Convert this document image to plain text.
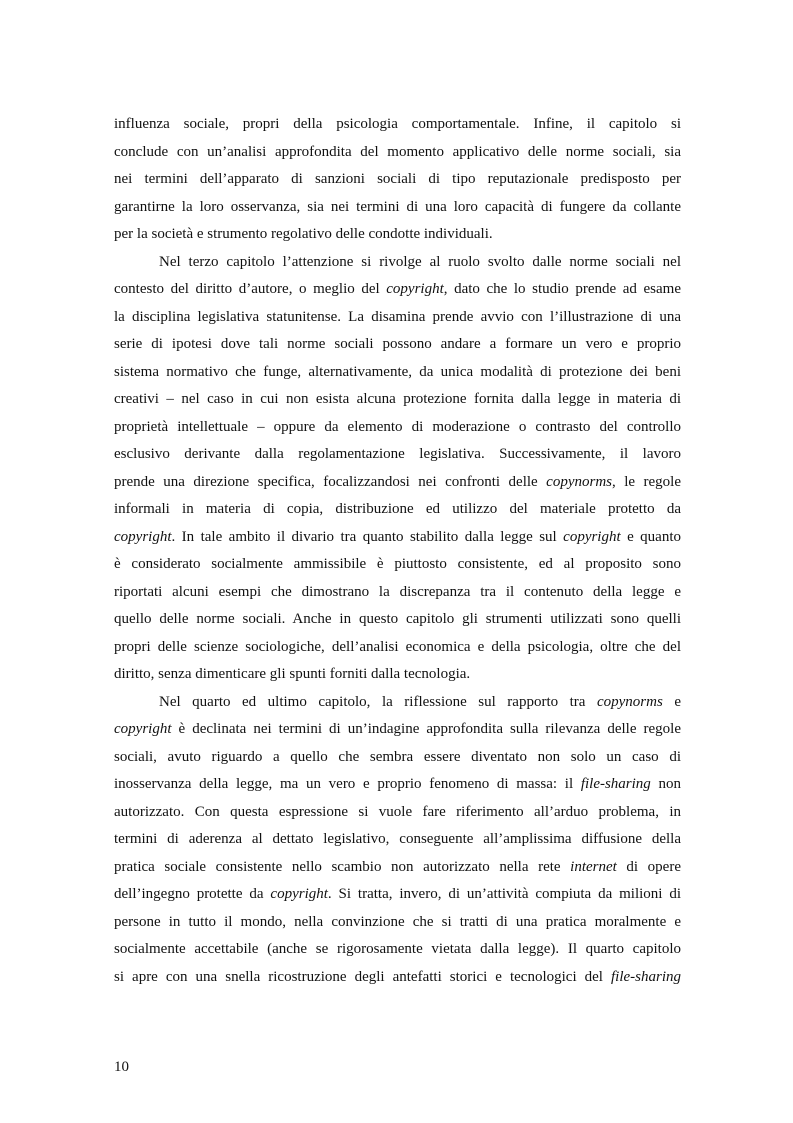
influenza sociale, propri della psicologia comportamentale. Infine, il capitolo si
conclude con un’analisi approfondita del momento applicativo delle norme sociali, sia
nei termini dell’apparato di sanzioni sociali di tipo reputazionale predisposto per
garantirne la loro osservanza, sia nei termini di una loro capacità di fungere da collante
per la società e strumento regolativo delle condotte individuali.
Nel terzo capitolo l’attenzione si rivolge al ruolo svolto dalle norme sociali nel
contesto del diritto d’autore, o meglio del copyright, dato che lo studio prende ad esame
la disciplina legislativa statunitense. La disamina prende avvio con l’illustrazione di una
serie di ipotesi dove tali norme sociali possono andare a formare un vero e proprio
sistema normativo che funge, alternativamente, da unica modalità di protezione dei beni
creativi – nel caso in cui non esista alcuna protezione fornita dalla legge in materia di
proprietà intellettuale – oppure da elemento di moderazione o contrasto del controllo
esclusivo derivante dalla regolamentazione legislativa. Successivamente, il lavoro
prende una direzione specifica, focalizzandosi nei confronti delle copynorms, le regole
informali in materia di copia, distribuzione ed utilizzo del materiale protetto da
copyright. In tale ambito il divario tra quanto stabilito dalla legge sul copyright e quanto
è considerato socialmente ammissibile è piuttosto consistente, ed al proposito sono
riportati alcuni esempi che dimostrano la discrepanza tra il contenuto della legge e
quello delle norme sociali. Anche in questo capitolo gli strumenti utilizzati sono quelli
propri delle scienze sociologiche, dell’analisi economica e della psicologia, oltre che del
diritto, senza dimenticare gli spunti forniti dalla tecnologia.
Nel quarto ed ultimo capitolo, la riflessione sul rapporto tra copynorms e
copyright è declinata nei termini di un’indagine approfondita sulla rilevanza delle regole
sociali, avuto riguardo a quello che sembra essere diventato non solo un caso di
inosservanza della legge, ma un vero e proprio fenomeno di massa: il file-sharing non
autorizzato. Con questa espressione si vuole fare riferimento all’arduo problema, in
termini di aderenza al dettato legislativo, conseguente all’amplissima diffusione della
pratica sociale consistente nello scambio non autorizzato nella rete internet di opere
dell’ingegno protette da copyright. Si tratta, invero, di un’attività compiuta da milioni di
persone in tutto il mondo, nella convinzione che si tratti di una pratica moralmente e
socialmente accettabile (anche se rigorosamente vietata dalla legge). Il quarto capitolo
si apre con una snella ricostruzione degli antefatti storici e tecnologici del file-sharing
10
